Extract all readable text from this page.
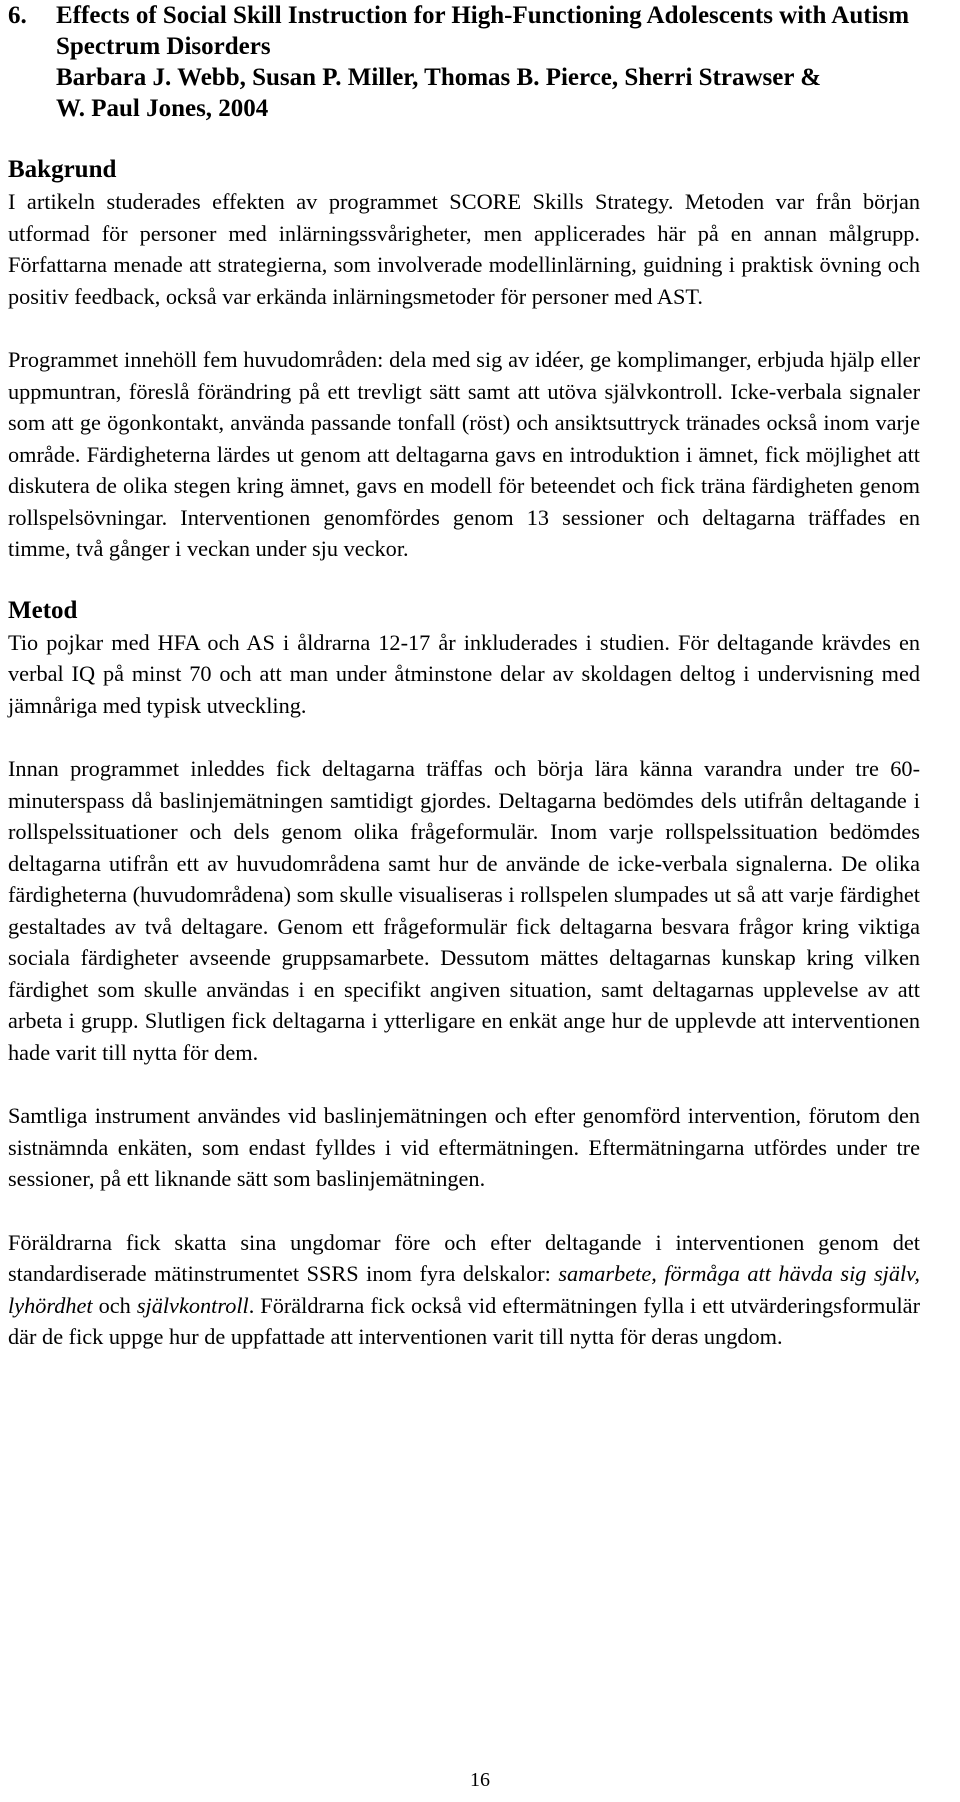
6.	Effects of Social Skill Instruction for High-Functioning Adolescents with Autism Spectrum Disorders
Barbara J. Webb, Susan P. Miller, Thomas B. Pierce, Sherri Strawser &
W. Paul Jones, 2004
Bakgrund

I artikeln studerades effekten av programmet SCORE Skills Strategy. Metoden var från början utformad för personer med inlärningssvårigheter, men applicerades här på en annan målgrupp. Författarna menade att strategierna, som involverade modellinlärning, guidning i praktisk övning och positiv feedback, också var erkända inlärningsmetoder för personer med AST.

Programmet innehöll fem huvudområden: dela med sig av idéer, ge komplimanger, erbjuda hjälp eller uppmuntran, föreslå förändring på ett trevligt sätt samt att utöva självkontroll. Icke-verbala signaler som att ge ögonkontakt, använda passande tonfall (röst) och ansiktsuttryck tränades också inom varje område. Färdigheterna lärdes ut genom att deltagarna gavs en introduktion i ämnet, fick möjlighet att diskutera de olika stegen kring ämnet, gavs en modell för beteendet och fick träna färdigheten genom rollspelsövningar. Interventionen genomfördes genom 13 sessioner och deltagarna träffades en timme, två gånger i veckan under sju veckor.

Metod

Tio pojkar med HFA och AS i åldrarna 12-17 år inkluderades i studien. För deltagande krävdes en verbal IQ på minst 70 och att man under åtminstone delar av skoldagen deltog i undervisning med jämnåriga med typisk utveckling.

Innan programmet inleddes fick deltagarna träffas och börja lära känna varandra under tre 60-minuterspass då baslinjemätningen samtidigt gjordes. Deltagarna bedömdes dels utifrån deltagande i rollspelssituationer och dels genom olika frågeformulär. Inom varje rollspelssituation bedömdes deltagarna utifrån ett av huvudområdena samt hur de använde de icke-verbala signalerna. De olika färdigheterna (huvudområdena) som skulle visualiseras i rollspelen slumpades ut så att varje färdighet gestaltades av två deltagare. Genom ett frågeformulär fick deltagarna besvara frågor kring viktiga sociala färdigheter avseende gruppsamarbete. Dessutom mättes deltagarnas kunskap kring vilken färdighet som skulle användas i en specifikt angiven situation, samt deltagarnas upplevelse av att arbeta i grupp. Slutligen fick deltagarna i ytterligare en enkät ange hur de upplevde att interventionen hade varit till nytta för dem.

Samtliga instrument användes vid baslinjemätningen och efter genomförd intervention, förutom den sistnämnda enkäten, som endast fylldes i vid eftermätningen. Eftermätningarna utfördes under tre sessioner, på ett liknande sätt som baslinjemätningen.

Föräldrarna fick skatta sina ungdomar före och efter deltagande i interventionen genom det standardiserade mätinstrumentet SSRS inom fyra delskalor: samarbete, förmåga att hävda sig själv, lyhördhet och självkontroll. Föräldrarna fick också vid eftermätningen fylla i ett utvärderingsformulär där de fick uppge hur de uppfattade att interventionen varit till nytta för deras ungdom.

16
